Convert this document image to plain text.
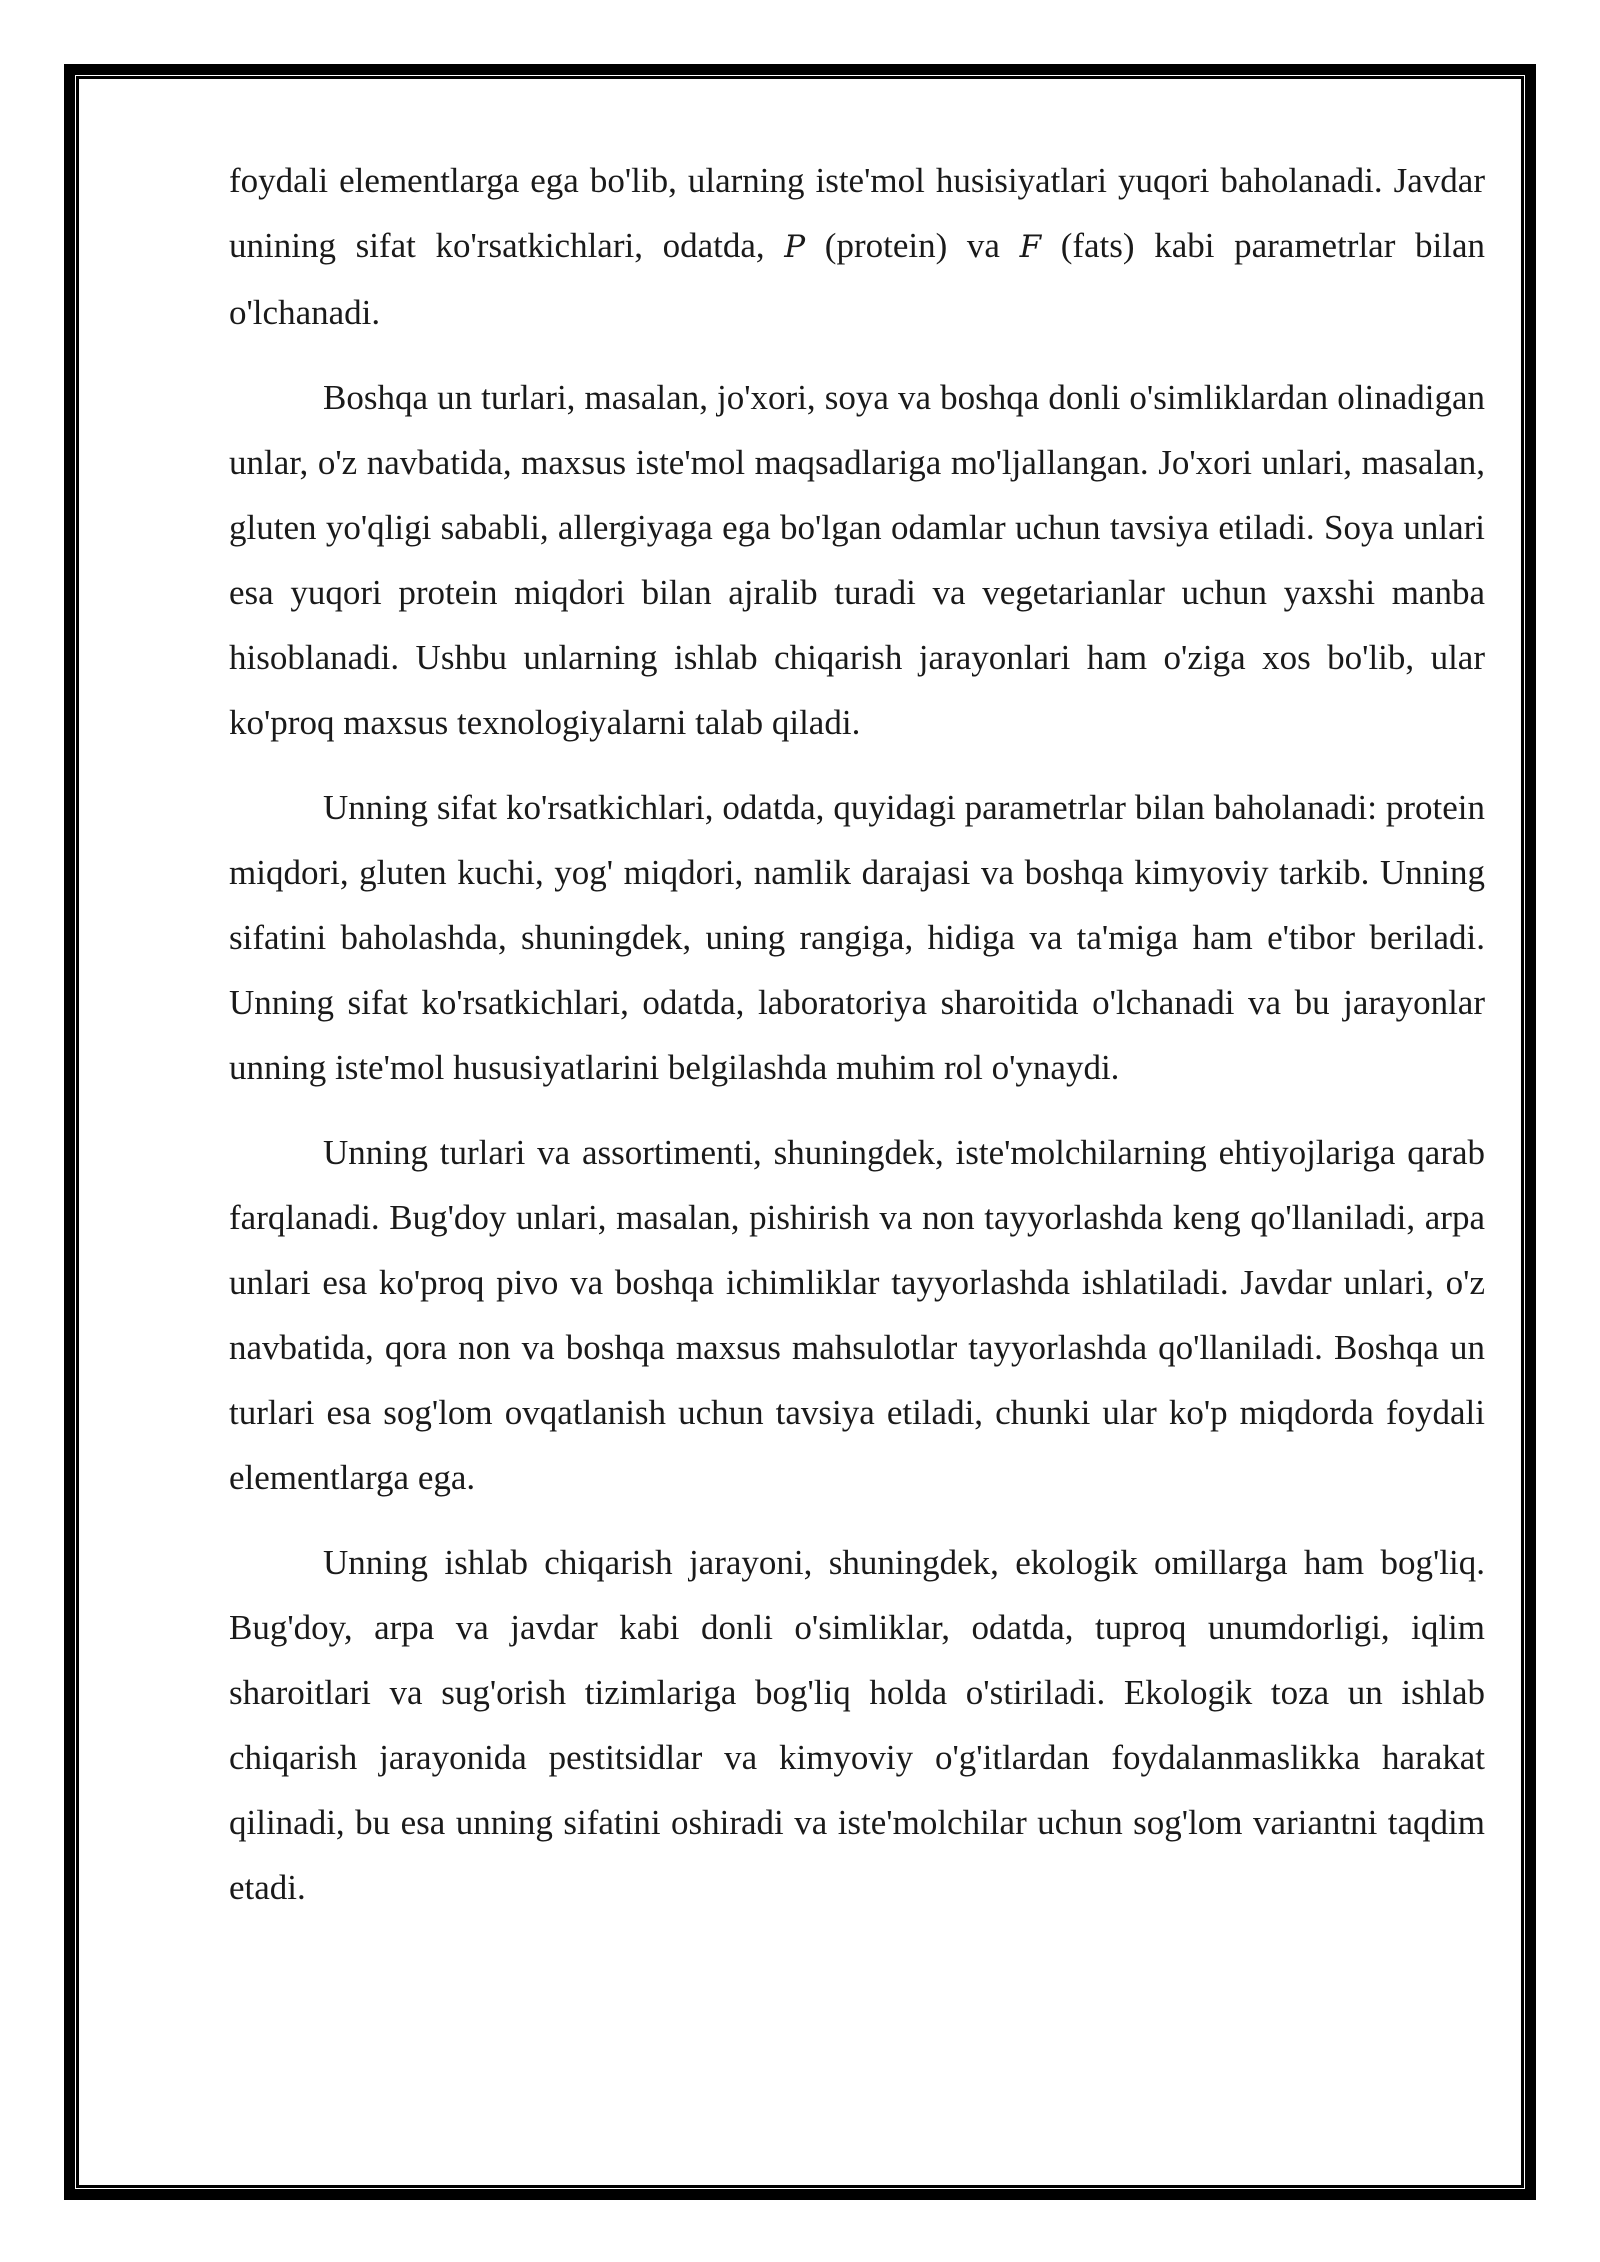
foydali elementlarga ega bo'lib, ularning iste'mol husisiyatlari yuqori baholanadi. Javdar unining sifat ko'rsatkichlari, odatda, P (protein) va F (fats) kabi parametrlar bilan o'lchanadi.

Boshqa un turlari, masalan, jo'xori, soya va boshqa donli o'simliklardan olinadigan unlar, o'z navbatida, maxsus iste'mol maqsadlariga mo'ljallangan. Jo'xori unlari, masalan, gluten yo'qligi sababli, allergiyaga ega bo'lgan odamlar uchun tavsiya etiladi. Soya unlari esa yuqori protein miqdori bilan ajralib turadi va vegetarianlar uchun yaxshi manba hisoblanadi. Ushbu unlarning ishlab chiqarish jarayonlari ham o'ziga xos bo'lib, ular ko'proq maxsus texnologiyalarni talab qiladi.

Unning sifat ko'rsatkichlari, odatda, quyidagi parametrlar bilan baholanadi: protein miqdori, gluten kuchi, yog' miqdori, namlik darajasi va boshqa kimyoviy tarkib. Unning sifatini baholashda, shuningdek, uning rangiga, hidiga va ta'miga ham e'tibor beriladi. Unning sifat ko'rsatkichlari, odatda, laboratoriya sharoitida o'lchanadi va bu jarayonlar unning iste'mol hususiyatlarini belgilashda muhim rol o'ynaydi.

Unning turlari va assortimenti, shuningdek, iste'molchilarning ehtiyojlariga qarab farqlanadi. Bug'doy unlari, masalan, pishirish va non tayyorlashda keng qo'llaniladi, arpa unlari esa ko'proq pivo va boshqa ichimliklar tayyorlashda ishlatiladi. Javdar unlari, o'z navbatida, qora non va boshqa maxsus mahsulotlar tayyorlashda qo'llaniladi. Boshqa un turlari esa sog'lom ovqatlanish uchun tavsiya etiladi, chunki ular ko'p miqdorda foydali elementlarga ega.

Unning ishlab chiqarish jarayoni, shuningdek, ekologik omillarga ham bog'liq. Bug'doy, arpa va javdar kabi donli o'simliklar, odatda, tuproq unumdorligi, iqlim sharoitlari va sug'orish tizimlariga bog'liq holda o'stiriladi. Ekologik toza un ishlab chiqarish jarayonida pestitsidlar va kimyoviy o'g'itlardan foydalanmaslikka harakat qilinadi, bu esa unning sifatini oshiradi va iste'molchilar uchun sog'lom variantni taqdim etadi.
